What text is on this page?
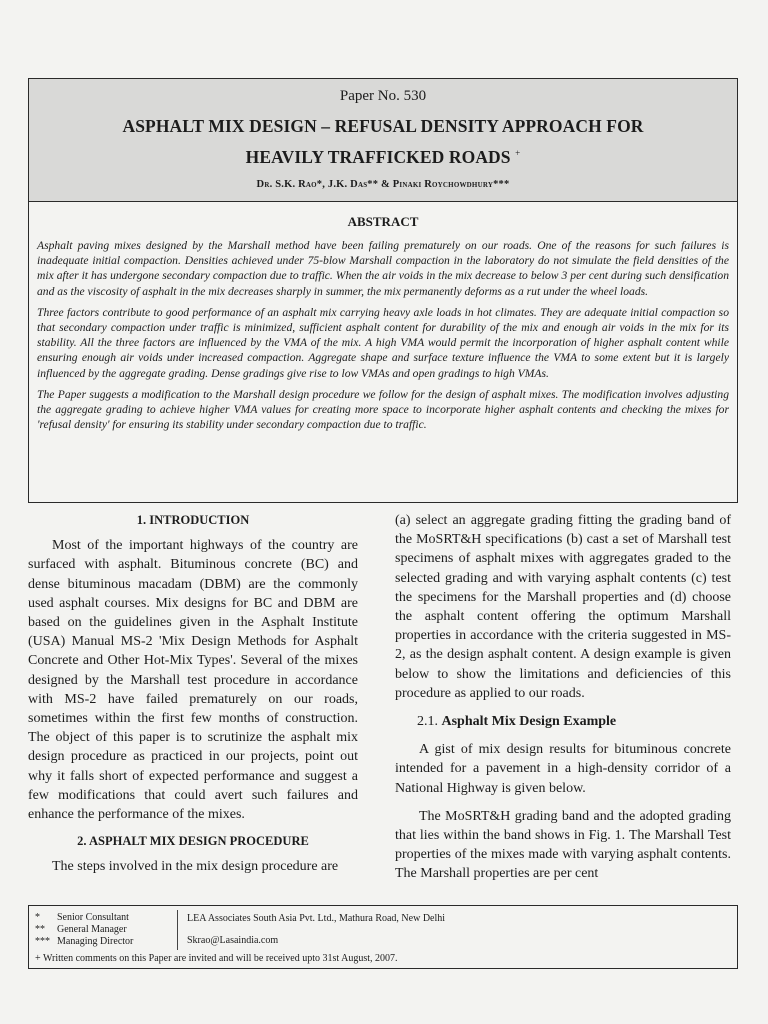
Paper No. 530
ASPHALT MIX DESIGN – REFUSAL DENSITY APPROACH FOR
HEAVILY TRAFFICKED ROADS +
Dr. S.K. Rao*, J.K. Das** & Pinaki Roychowdhury***
ABSTRACT

Asphalt paving mixes designed by the Marshall method have been failing prematurely on our roads. One of the reasons for such failures is inadequate initial compaction. Densities achieved under 75-blow Marshall compaction in the laboratory do not simulate the field densities of the mix after it has undergone secondary compaction due to traffic. When the air voids in the mix decrease to below 3 per cent during such densification and as the viscosity of asphalt in the mix decreases sharply in summer, the mix permanently deforms as a rut under the wheel loads.

Three factors contribute to good performance of an asphalt mix carrying heavy axle loads in hot climates. They are adequate initial compaction so that secondary compaction under traffic is minimized, sufficient asphalt content for durability of the mix and enough air voids in the mix for its stability. All the three factors are influenced by the VMA of the mix. A high VMA would permit the incorporation of higher asphalt content while ensuring enough air voids under increased compaction. Aggregate shape and surface texture influence the VMA to some extent but it is largely influenced by the aggregate grading. Dense gradings give rise to low VMAs and open gradings to high VMAs.

The Paper suggests a modification to the Marshall design procedure we follow for the design of asphalt mixes. The modification involves adjusting the aggregate grading to achieve higher VMA values for creating more space to incorporate higher asphalt contents and checking the mixes for 'refusal density' for ensuring its stability under secondary compaction due to traffic.

1. INTRODUCTION

Most of the important highways of the country are surfaced with asphalt. Bituminous concrete (BC) and dense bituminous macadam (DBM) are the commonly used asphalt courses. Mix designs for BC and DBM are based on the guidelines given in the Asphalt Institute (USA) Manual MS-2 'Mix Design Methods for Asphalt Concrete and Other Hot-Mix Types'. Several of the mixes designed by the Marshall test procedure in accordance with MS-2 have failed prematurely on our roads, sometimes within the first few months of construction. The object of this paper is to scrutinize the asphalt mix design procedure as practiced in our projects, point out why it falls short of expected performance and suggest a few modifications that could avert such failures and enhance the performance of the mixes.

2. ASPHALT MIX DESIGN PROCEDURE

The steps involved in the mix design procedure are

(a) select an aggregate grading fitting the grading band of the MoSRT&H specifications (b) cast a set of Marshall test specimens of asphalt mixes with aggregates graded to the selected grading and with varying asphalt contents (c) test the specimens for the Marshall properties and (d) choose the asphalt content offering the optimum Marshall properties in accordance with the criteria suggested in MS-2, as the design asphalt content. A design example is given below to show the limitations and deficiencies of this procedure as applied to our roads.

2.1. Asphalt Mix Design Example

A gist of mix design results for bituminous concrete intended for a pavement in a high-density corridor of a National Highway is given below.

The MoSRT&H grading band and the adopted grading that lies within the band shows in Fig. 1. The Marshall Test properties of the mixes made with varying asphalt contents. The Marshall properties are per cent

* Senior Consultant
** General Manager
*** Managing Director
LEA Associates South Asia Pvt. Ltd., Mathura Road, New Delhi
Skrao@Lasaindia.com
+ Written comments on this Paper are invited and will be received upto 31st August, 2007.
